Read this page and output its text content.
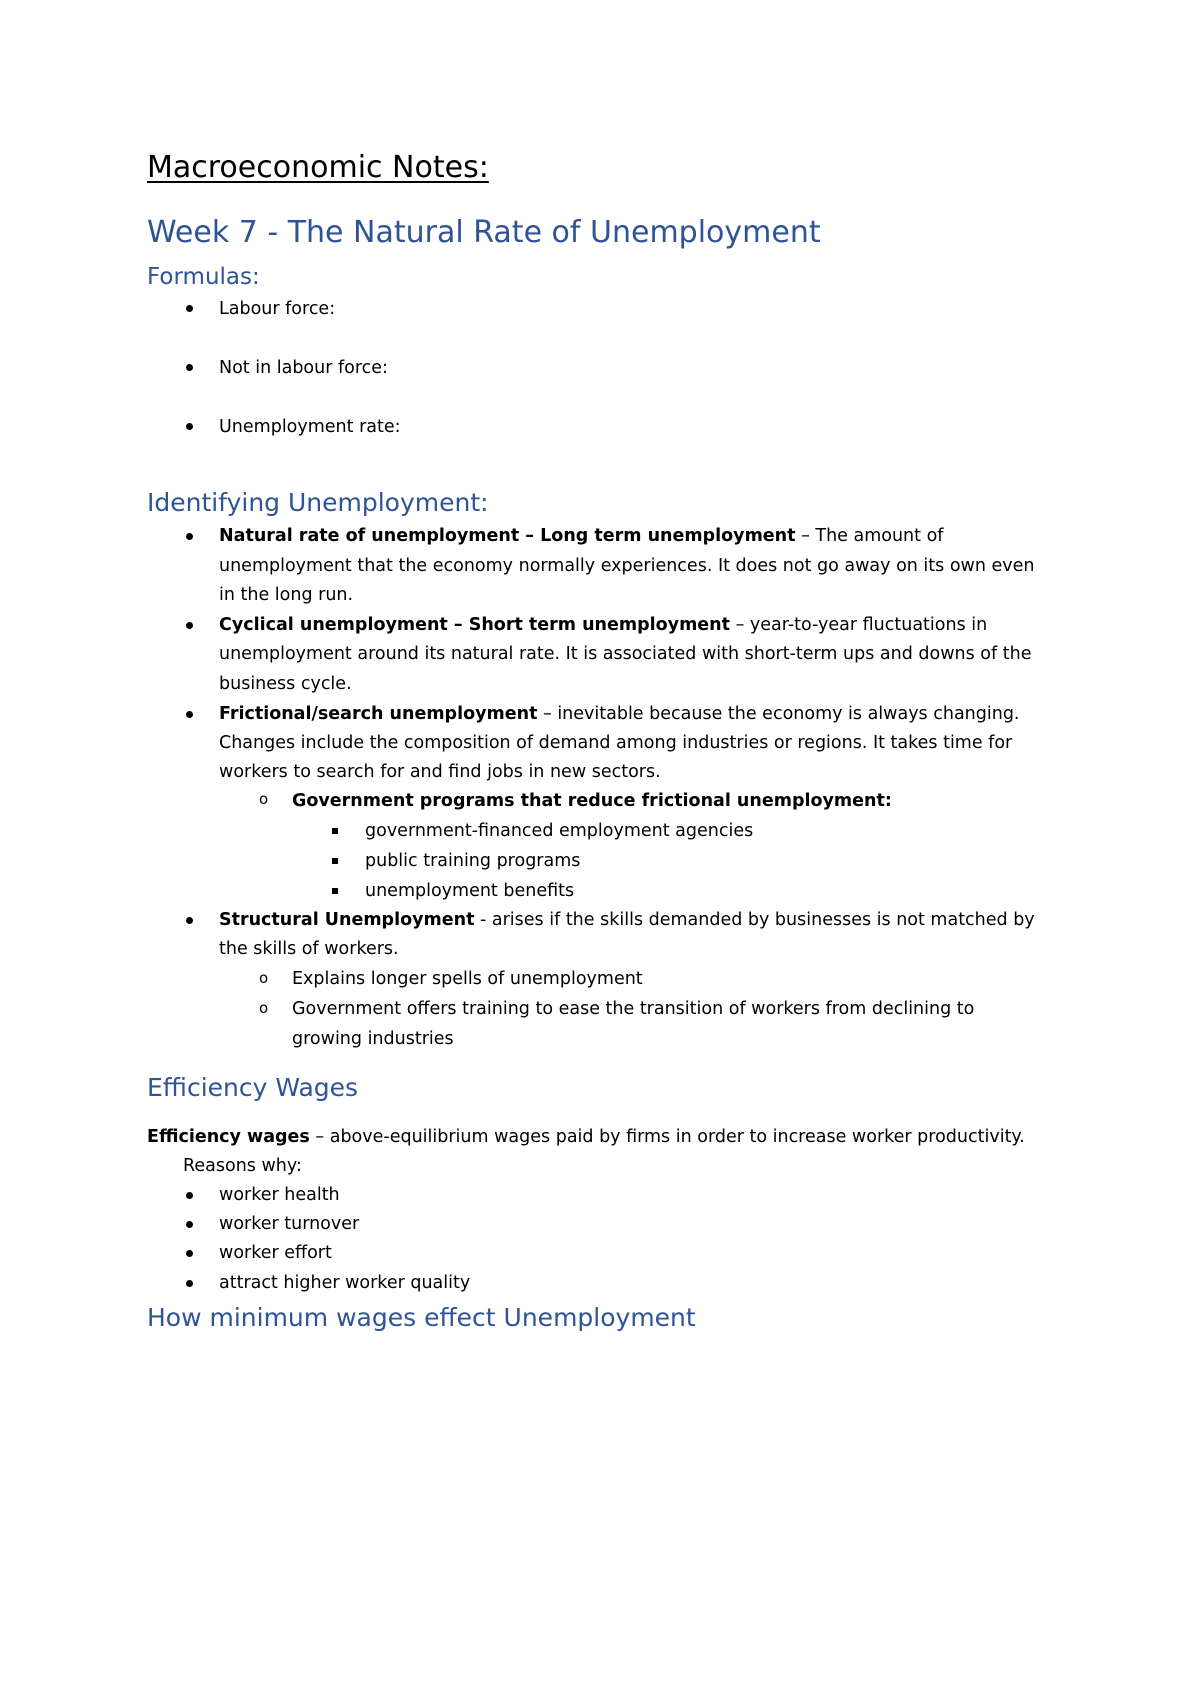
Macroeconomic Notes:
Week 7 - The Natural Rate of Unemployment
Formulas:
Labour force:
Not in labour force:
Unemployment rate:
Identifying Unemployment:
Natural rate of unemployment – Long term unemployment – The amount of
unemployment that the economy normally experiences. It does not go away on its own even
in the long run.
Cyclical unemployment – Short term unemployment – year-to-year fluctuations in
unemployment around its natural rate. It is associated with short-term ups and downs of the
business cycle.
Frictional/search unemployment – inevitable because the economy is always changing.
Changes include the composition of demand among industries or regions. It takes time for
workers to search for and find jobs in new sectors.
o Government programs that reduce frictional unemployment:
government-financed employment agencies
public training programs
unemployment benefits
Structural Unemployment - arises if the skills demanded by businesses is not matched by
the skills of workers.
o Explains longer spells of unemployment
o Government offers training to ease the transition of workers from declining to
growing industries
Efficiency Wages
Efficiency wages – above-equilibrium wages paid by firms in order to increase worker productivity.
Reasons why:
worker health
worker turnover
worker effort
attract higher worker quality
How minimum wages effect Unemployment
